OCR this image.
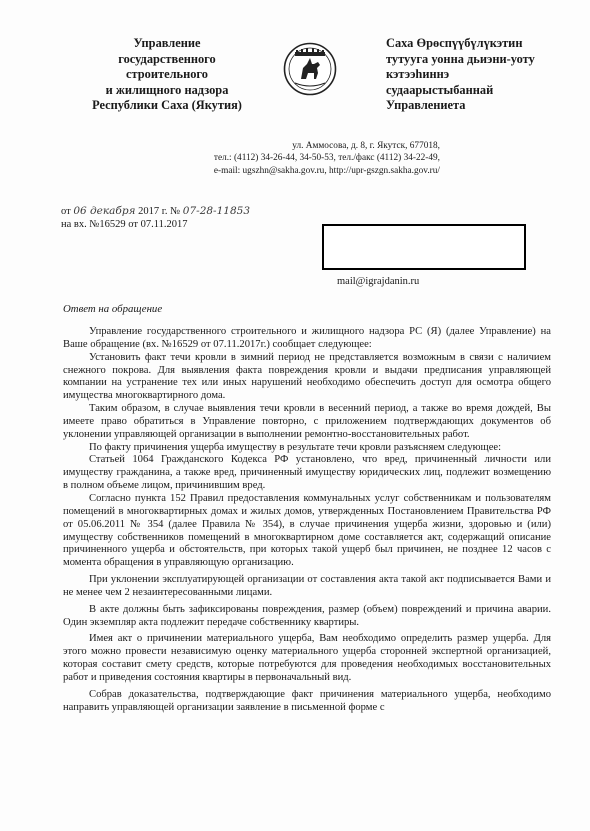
Управление
государственного
строительного
и жилищного надзора
Республики Саха (Якутия)
Саха Өрөспүүбүлүкэтин
тутууга уонна дьиэни-уоту
кэтээһиннэ
судаарыстыбаннай
Управлениета
ул. Аммосова, д. 8, г. Якутск, 677018,
тел.: (4112) 34-26-44, 34-50-53, тел./факс (4112) 34-22-49,
e-mail: ugszhn@sakha.gov.ru, http://upr-gszgn.sakha.gov.ru/
от 06 декабря 2017 г. № 07-28-11853
на вх. №16529 от 07.11.2017
mail@igrajdanin.ru
Ответ на обращение

Управление государственного строительного и жилищного надзора РС (Я) (далее Управление) на Ваше обращение (вх. №16529 от 07.11.2017г.) сообщает следующее:

Установить факт течи кровли в зимний период не представляется возможным в связи с наличием снежного покрова. Для выявления факта повреждения кровли и выдачи предписания управляющей компании на устранение тех или иных нарушений необходимо обеспечить доступ для осмотра общего имущества многоквартирного дома.

Таким образом, в случае выявления течи кровли в весенний период, а также во время дождей, Вы имеете право обратиться в Управление повторно, с приложением подтверждающих документов об уклонении управляющей организации в выполнении ремонтно-восстановительных работ.

По факту причинения ущерба имуществу в результате течи кровли разъясняем следующее:

Статьей 1064 Гражданского Кодекса РФ установлено, что вред, причиненный личности или имуществу гражданина, а также вред, причиненный имуществу юридических лиц, подлежит возмещению в полном объеме лицом, причинившим вред.

Согласно пункта 152 Правил предоставления коммунальных услуг собственникам и пользователям помещений в многоквартирных домах и жилых домов, утвержденных Постановлением Правительства РФ от 05.06.2011 № 354 (далее Правила № 354), в случае причинения ущерба жизни, здоровью и (или) имуществу собственников помещений в многоквартирном доме составляется акт, содержащий описание причиненного ущерба и обстоятельств, при которых такой ущерб был причинен, не позднее 12 часов с момента обращения в управляющую организацию.

При уклонении эксплуатирующей организации от составления акта такой акт подписывается Вами и не менее чем 2 незаинтересованными лицами.

В акте должны быть зафиксированы повреждения, размер (объем) повреждений и причина аварии. Один экземпляр акта подлежит передаче собственнику квартиры.

Имея акт о причинении материального ущерба, Вам необходимо определить размер ущерба. Для этого можно провести независимую оценку материального ущерба сторонней экспертной организацией, которая составит смету средств, которые потребуются для проведения необходимых восстановительных работ и приведения состояния квартиры в первоначальный вид.

Собрав доказательства, подтверждающие факт причинения материального ущерба, необходимо направить управляющей организации заявление в письменной форме с
